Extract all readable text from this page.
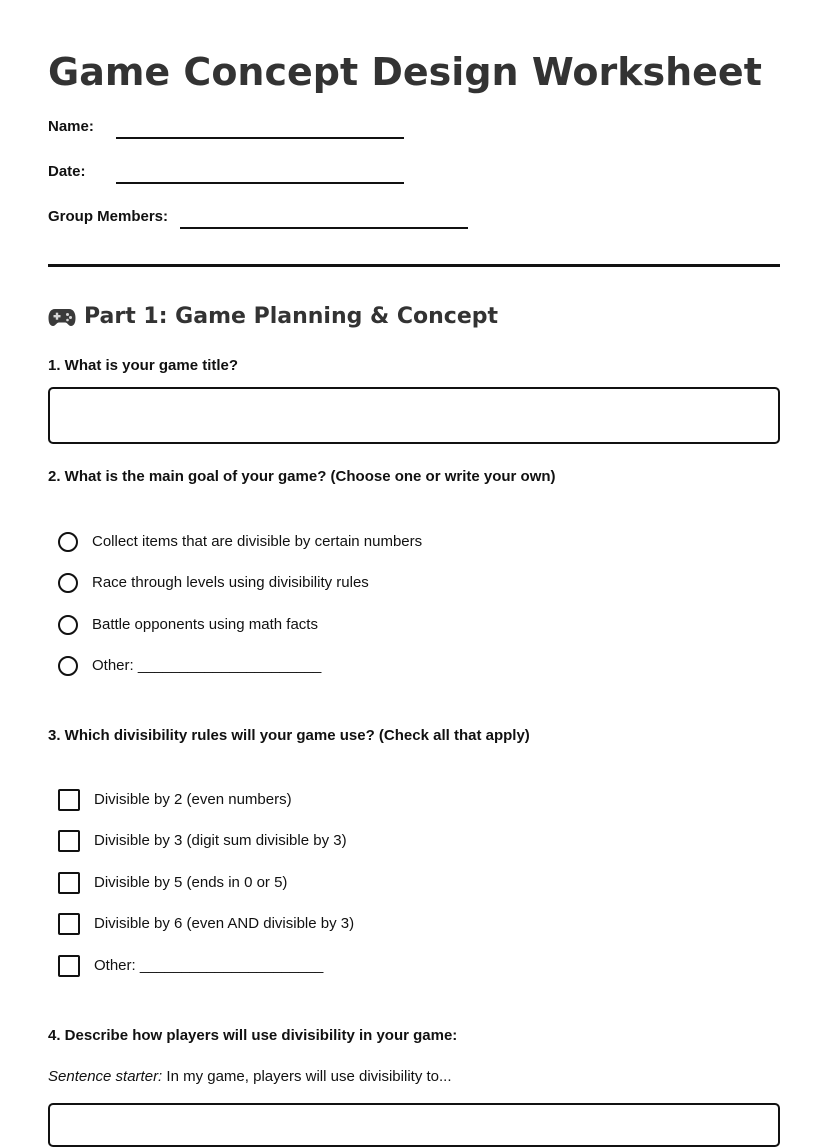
Game Concept Design Worksheet
Name:
Date:
Group Members:
Part 1: Game Planning & Concept
1. What is your game title?
2. What is the main goal of your game? (Choose one or write your own)
Collect items that are divisible by certain numbers
Race through levels using divisibility rules
Battle opponents using math facts
Other: ______________________
3. Which divisibility rules will your game use? (Check all that apply)
Divisible by 2 (even numbers)
Divisible by 3 (digit sum divisible by 3)
Divisible by 5 (ends in 0 or 5)
Divisible by 6 (even AND divisible by 3)
Other: ______________________
4. Describe how players will use divisibility in your game:
Sentence starter: In my game, players will use divisibility to...
